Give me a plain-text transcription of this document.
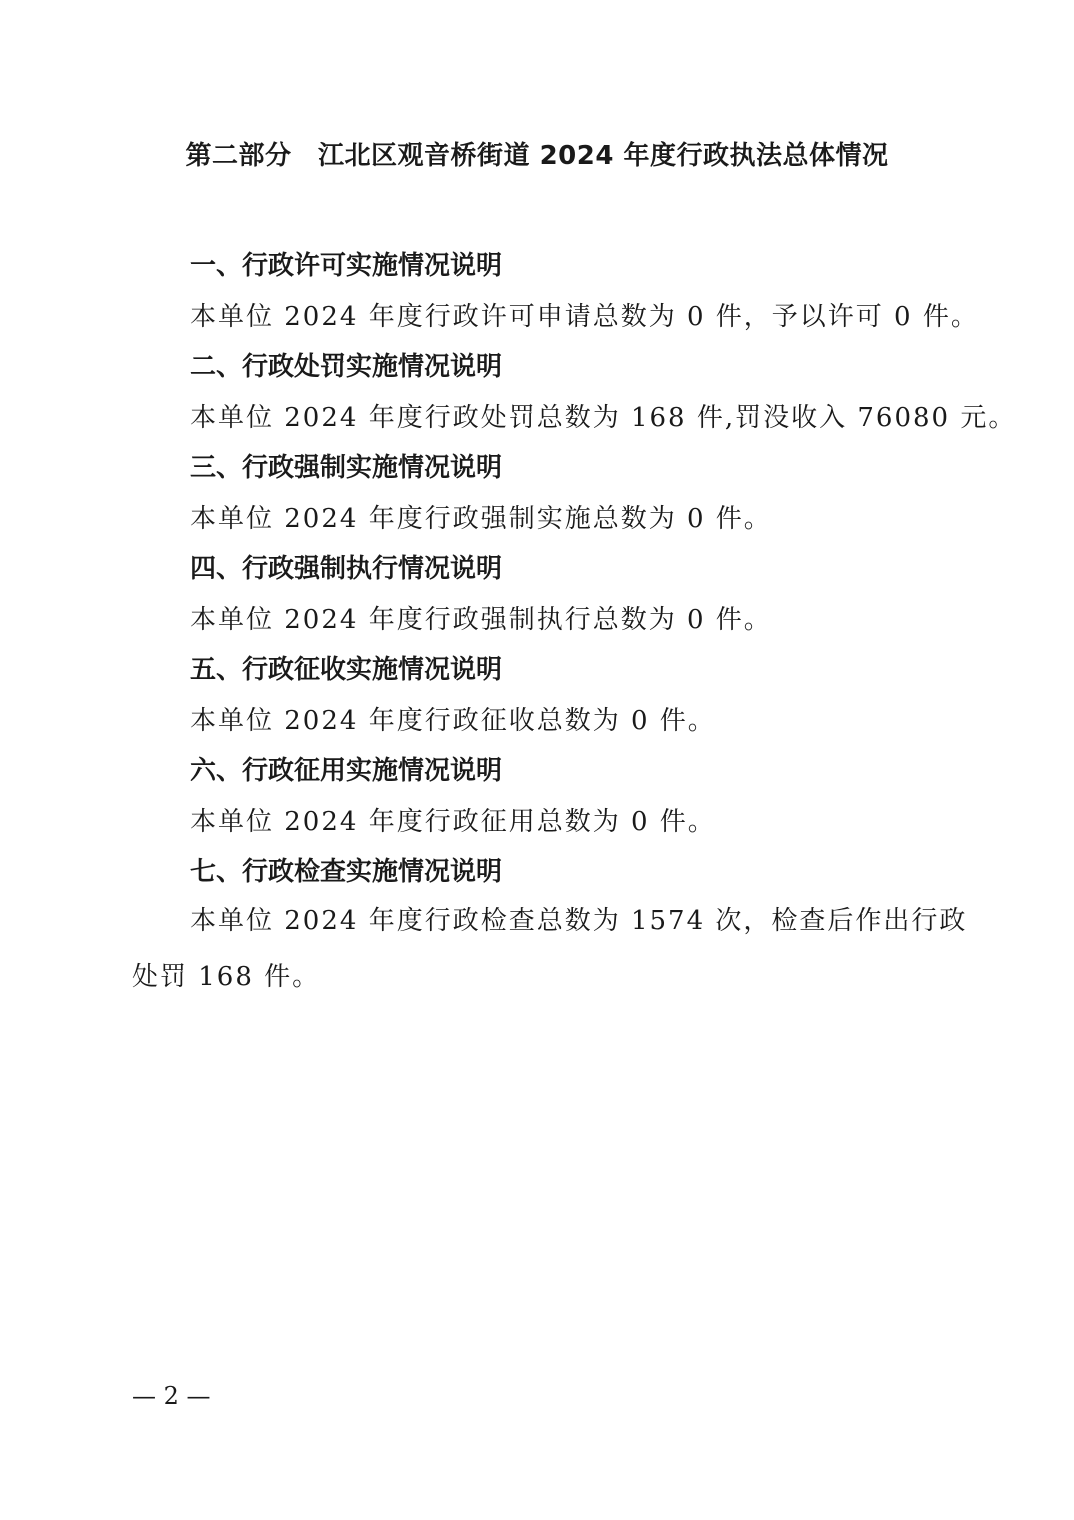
第二部分　江北区观音桥街道 2024 年度行政执法总体情况
一、行政许可实施情况说明
本单位 2024 年度行政许可申请总数为 0 件，予以许可 0 件。
二、行政处罚实施情况说明
本单位 2024 年度行政处罚总数为 168 件,罚没收入 76080 元。
三、行政强制实施情况说明
本单位 2024 年度行政强制实施总数为 0 件。
四、行政强制执行情况说明
本单位 2024 年度行政强制执行总数为 0 件。
五、行政征收实施情况说明
本单位 2024 年度行政征收总数为 0 件。
六、行政征用实施情况说明
本单位 2024 年度行政征用总数为 0 件。
七、行政检查实施情况说明
本单位 2024 年度行政检查总数为 1574 次，检查后作出行政
处罚 168 件。
— 2 —
